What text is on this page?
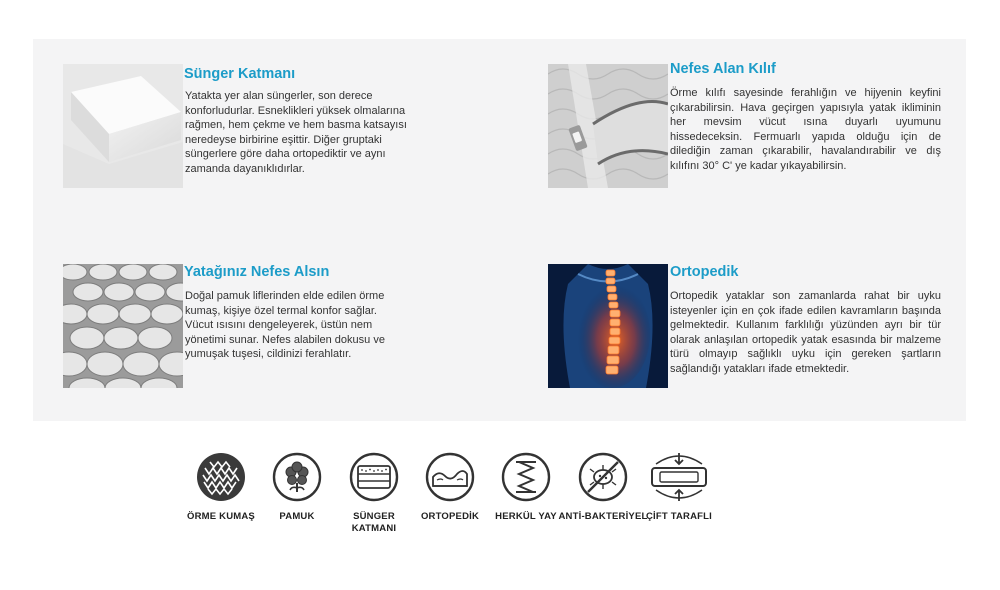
Sünger Katmanı
Yatakta yer alan süngerler, son derece
konforludurlar. Esneklikleri yüksek olmalarına
rağmen, hem çekme ve hem basma katsayısı
neredeyse birbirine eşittir. Diğer gruptaki
süngerlere göre daha ortopediktir ve aynı
zamanda dayanıklıdırlar.
Nefes Alan Kılıf
Örme kılıfı sayesinde ferahlığın ve hijyenin keyfini çıkarabilirsin. Hava geçirgen yapısıyla yatak ikliminin her mevsim vücut ısına duyarlı uyumunu hissedeceksin. Fermuarlı yapıda olduğu için de dilediğin zaman çıkarabilir, havalandırabilir ve dış kılıfını 30° C' ye kadar yıkayabilirsin.
Yatağınız Nefes Alsın
Doğal pamuk liflerinden elde edilen örme
kumaş, kişiye özel termal konfor sağlar.
Vücut ısısını dengeleyerek, üstün nem
yönetimi sunar. Nefes alabilen dokusu ve
yumuşak tuşesi, cildinizi ferahlatır.
Ortopedik
Ortopedik yataklar son zamanlarda rahat bir uyku isteyenler için en çok ifade edilen kavramların başında gelmektedir. Kullanım farklılığı yüzünden ayrı bir tür olarak anlaşılan ortopedik yatak esasında bir malzeme türü olmayıp sağlıklı uyku için gereken şartların sağlandığı yatakları ifade etmektedir.
ÖRME KUMAŞ	PAMUK	SÜNGER
KATMANI
ORTOPEDİK	HERKÜL YAY ANTİ-BAKTERİYEL
ÇİFT TARAFLI
